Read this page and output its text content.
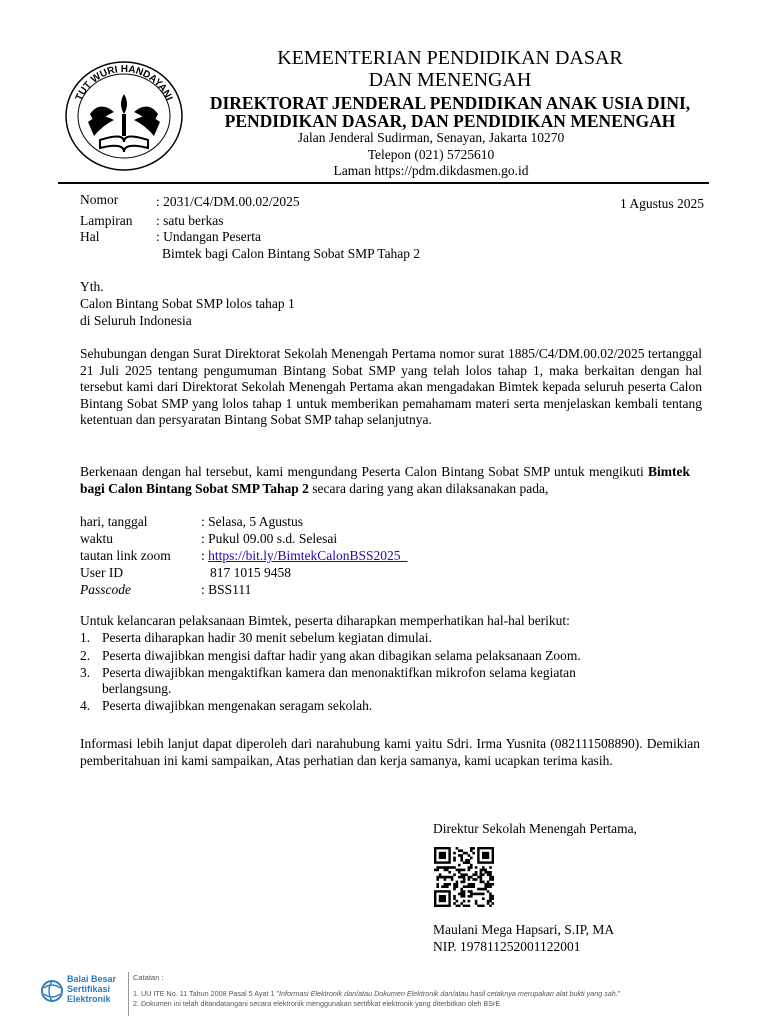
TUT WURI HANDAYANI
KEMENTERIAN PENDIDIKAN DASAR
DAN MENENGAH
DIREKTORAT JENDERAL PENDIDIKAN ANAK USIA DINI,
PENDIDIKAN DASAR, DAN PENDIDIKAN MENENGAH
Jalan Jenderal Sudirman, Senayan, Jakarta 10270
Telepon (021) 5725610
Laman https://pdm.dikdasmen.go.id
Nomor	: 2031/C4/DM.00.02/2025	1 Agustus 2025
Lampiran : satu berkas
Hal	: Undangan Peserta
Bimtek bagi Calon Bintang Sobat SMP Tahap 2
Yth.
Calon Bintang Sobat SMP lolos tahap 1
di Seluruh Indonesia
Sehubungan dengan Surat Direktorat Sekolah Menengah Pertama nomor surat 1885/C4/DM.00.02/2025 tertanggal 21 Juli 2025 tentang pengumuman Bintang Sobat SMP yang telah lolos tahap 1, maka berkaitan dengan hal tersebut kami dari Direktorat Sekolah Menengah Pertama akan mengadakan Bimtek kepada seluruh peserta Calon Bintang Sobat SMP yang lolos tahap 1 untuk memberikan pemahamam materi serta menjelaskan kembali tentang ketentuan dan persyaratan Bintang Sobat SMP tahap selanjutnya.
Berkenaan dengan hal tersebut, kami mengundang Peserta Calon Bintang Sobat SMP untuk mengikuti Bimtek bagi Calon Bintang Sobat SMP Tahap 2 secara daring yang akan dilaksanakan pada,
hari, tanggal	: Selasa, 5 Agustus
waktu	: Pukul 09.00 s.d. Selesai
tautan link zoom : https://bit.ly/BimtekCalonBSS2025_
User ID	817 1015 9458
Passcode	: BSS111
Untuk kelancaran pelaksanaan Bimtek, peserta diharapkan memperhatikan hal-hal berikut:
1. Peserta diharapkan hadir 30 menit sebelum kegiatan dimulai.
2. Peserta diwajibkan mengisi daftar hadir yang akan dibagikan selama pelaksanaan Zoom.
3. Peserta diwajibkan mengaktifkan kamera dan menonaktifkan mikrofon selama kegiatan
berlangsung.
4. Peserta diwajibkan mengenakan seragam sekolah.
Informasi lebih lanjut dapat diperoleh dari narahubung kami yaitu Sdri. Irma Yusnita (082111508890). Demikian pemberitahuan ini kami sampaikan, Atas perhatian dan kerja samanya, kami ucapkan terima kasih.
Direktur Sekolah Menengah Pertama,
Maulani Mega Hapsari, S.IP, MA
NIP. 197811252001122001
Balai Besar
Sertifikasi
Elektronik
Catatan :
1. UU ITE No. 11 Tahun 2008 Pasal 5 Ayat 1 "Informasi Elektronik dan/atau Dokumen Elektronik dan/atau hasil cetaknya merupakan alat bukti yang sah."
2. Dokumen ini telah ditandatangani secara elektronik menggunakan sertifikat elektronik yang diterbitkan oleh BSrE
